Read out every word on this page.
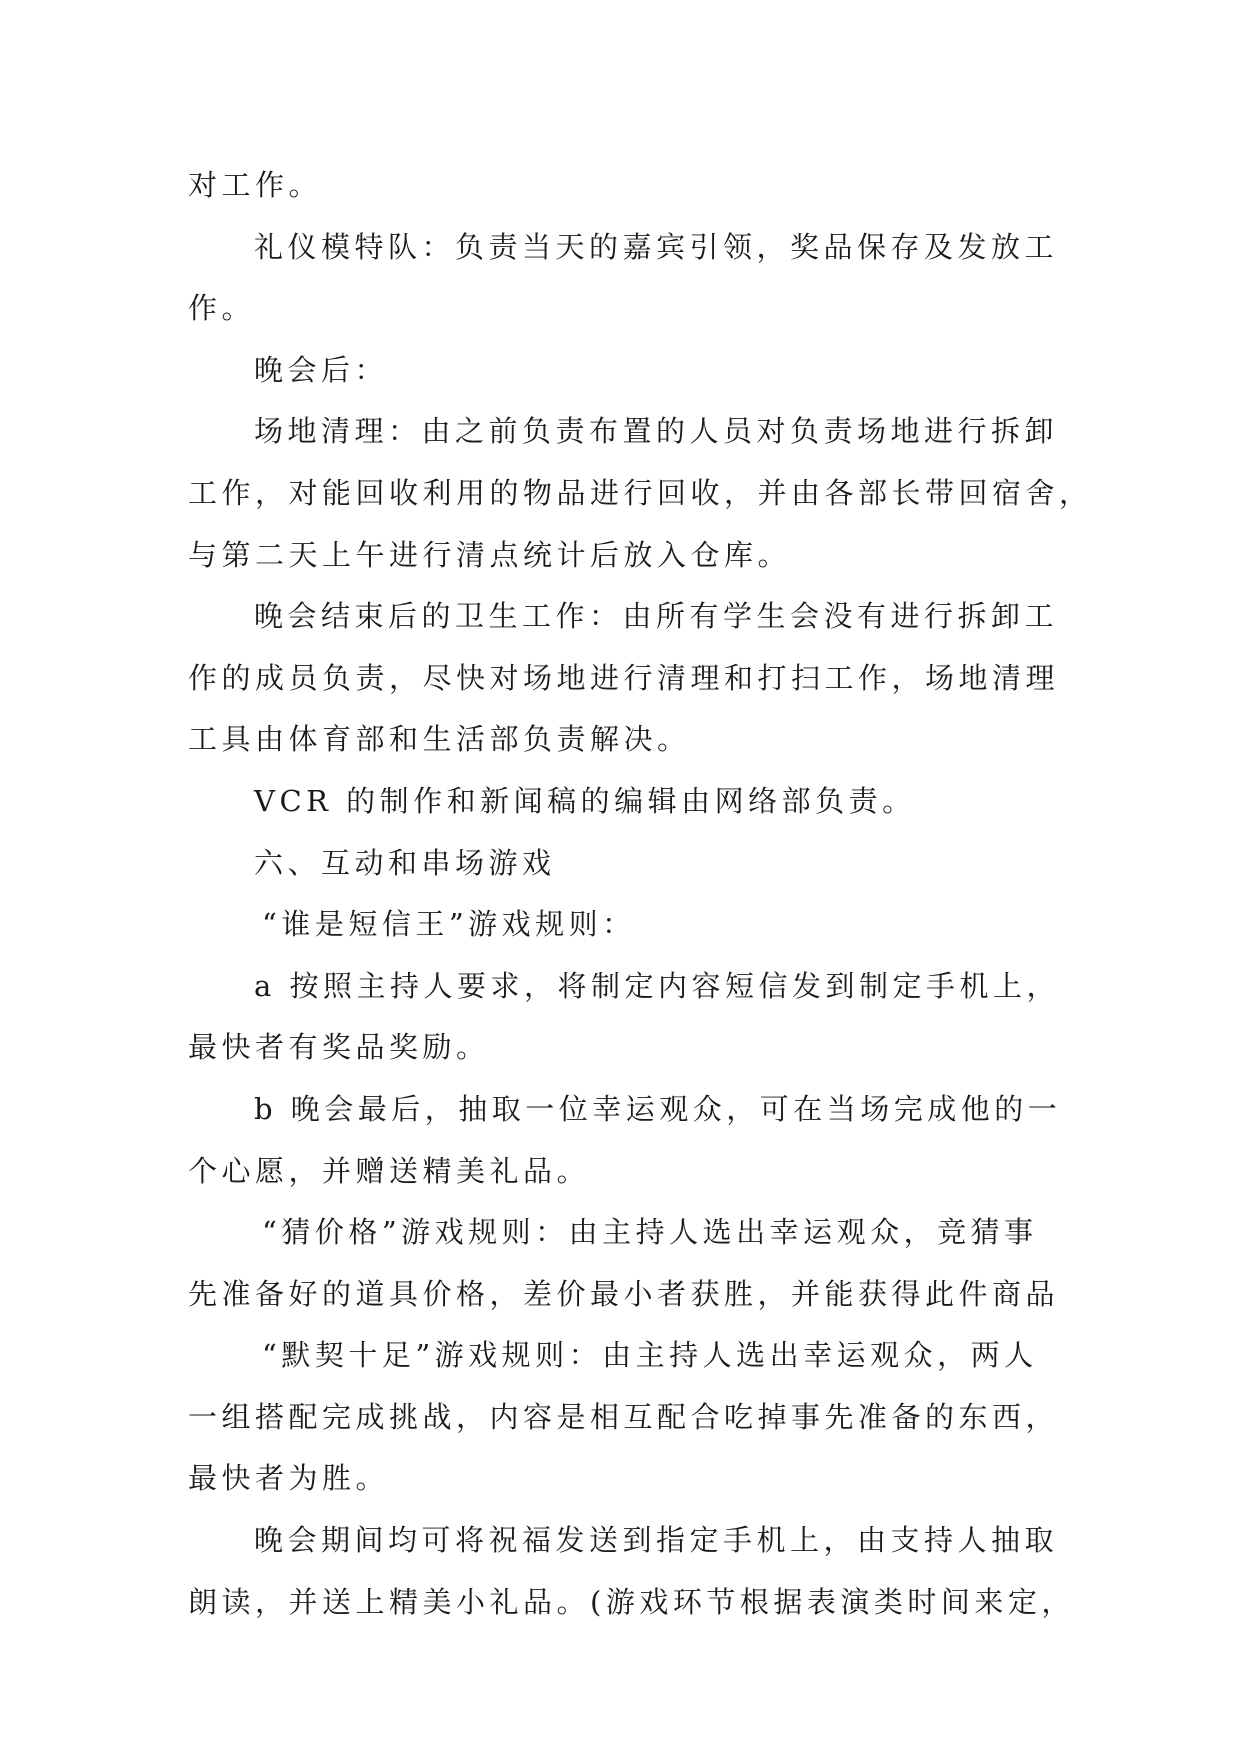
对工作。
礼仪模特队：负责当天的嘉宾引领，奖品保存及发放工
作。
晚会后：
场地清理：由之前负责布置的人员对负责场地进行拆卸
工作，对能回收利用的物品进行回收，并由各部长带回宿舍，
与第二天上午进行清点统计后放入仓库。
晚会结束后的卫生工作：由所有学生会没有进行拆卸工
作的成员负责，尽快对场地进行清理和打扫工作，场地清理
工具由体育部和生活部负责解决。
VCR 的制作和新闻稿的编辑由网络部负责。
六、互动和串场游戏
“谁是短信王”游戏规则：
a 按照主持人要求，将制定内容短信发到制定手机上，
最快者有奖品奖励。
b 晚会最后，抽取一位幸运观众，可在当场完成他的一
个心愿，并赠送精美礼品。
“猜价格”游戏规则：由主持人选出幸运观众，竞猜事
先准备好的道具价格，差价最小者获胜，并能获得此件商品
“默契十足”游戏规则：由主持人选出幸运观众，两人
一组搭配完成挑战，内容是相互配合吃掉事先准备的东西，
最快者为胜。
晚会期间均可将祝福发送到指定手机上，由支持人抽取
朗读，并送上精美小礼品。(游戏环节根据表演类时间来定，
